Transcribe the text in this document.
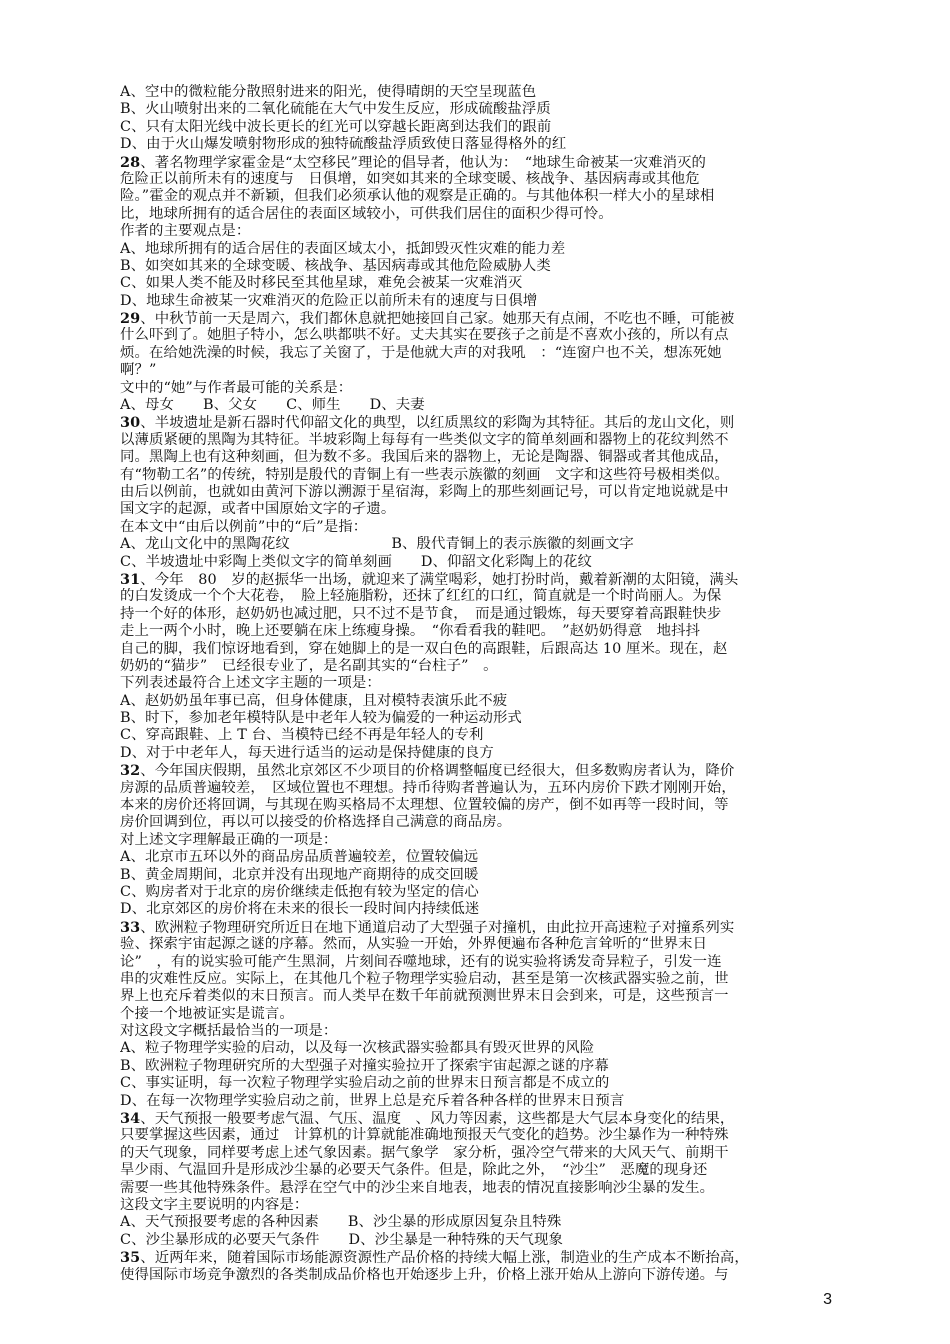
A、空中的微粒能分散照射进来的阳光，使得晴朗的天空呈现蓝色
B、火山喷射出来的二氧化硫能在大气中发生反应，形成硫酸盐浮质
C、只有太阳光线中波长更长的红光可以穿越长距离到达我们的跟前
D、由于火山爆发喷射物形成的独特硫酸盐浮质致使日落显得格外的红
28、著名物理学家霍金是“太空移民”理论的倡导者，他认为：　“地球生命被某一灾难消灭的
危险正以前所未有的速度与　日俱增，如突如其来的全球变暖、核战争、基因病毒或其他危
险。”霍金的观点并不新颖，但我们必须承认他的观察是正确的。与其他体积一样大小的星球相
比，地球所拥有的适合居住的表面区域较小，可供我们居住的面积少得可怜。
作者的主要观点是：
A、地球所拥有的适合居住的表面区域太小，抵卸毁灭性灾难的能力差
B、如突如其来的全球变暖、核战争、基因病毒或其他危险威胁人类
C、如果人类不能及时移民至其他星球，难免会被某一灾难消灭
D、地球生命被某一灾难消灭的危险正以前所未有的速度与日俱增
29、中秋节前一天是周六，我们都休息就把她接回自己家。她那天有点闹，不吃也不睡，可能被
什么吓到了。她胆子特小，怎么哄都哄不好。丈夫其实在要孩子之前是不喜欢小孩的，所以有点
烦。在给她洗澡的时候，我忘了关窗了，于是他就大声的对我吼　：“连窗户也不关，想冻死她
啊？”
文中的“她”与作者最可能的关系是：
A、母女　　B、父女　　C、师生　　D、夫妻
30、半坡遗址是新石器时代仰韶文化的典型，以红质黑纹的彩陶为其特征。其后的龙山文化，则
以薄质紧硬的黑陶为其特征。半坡彩陶上每每有一些类似文字的简单刻画和器物上的花纹判然不
同。黑陶上也有这种刻画，但为数不多。我国后来的器物上，无论是陶器、铜器或者其他成品，
有“物勒工名”的传统，特别是殷代的青铜上有一些表示族徽的刻画　文字和这些符号极相类似。
由后以例前，也就如由黄河下游以溯源于星宿海，彩陶上的那些刻画记号，可以肯定地说就是中
国文字的起源，或者中国原始文字的孑遗。
在本文中“由后以例前”中的“后”是指：
A、龙山文化中的黑陶花纹　　　　　　　B、殷代青铜上的表示族徽的刻画文字
C、半坡遗址中彩陶上类似文字的简单刻画　　D、仰韶文化彩陶上的花纹
31、今年　80　岁的赵振华一出场，就迎来了满堂喝彩，她打扮时尚，戴着新潮的太阳镜，满头
的白发烫成一个个大花卷，　脸上轻施脂粉，还抹了红红的口红，简直就是一个时尚丽人。为保
持一个好的体形，赵奶奶也减过肥，只不过不是节食，　而是通过锻炼，每天要穿着高跟鞋快步
走上一两个小时，晚上还要躺在床上练瘦身操。　“你看看我的鞋吧。　”赵奶奶得意　地抖抖
自己的脚，我们惊讶地看到，穿在她脚上的是一双白色的高跟鞋，后跟高达 10 厘米。现在，赵
奶奶的“猫步”　已经很专业了，是名副其实的“台柱子”　。
下列表述最符合上述文字主题的一项是：
A、赵奶奶虽年事已高，但身体健康，且对模特表演乐此不疲
B、时下，参加老年模特队是中老年人较为偏爱的一种运动形式
C、穿高跟鞋、上 T 台、当模特已经不再是年轻人的专利
D、对于中老年人，每天进行适当的运动是保持健康的良方
32、今年国庆假期，虽然北京郊区不少项目的价格调整幅度已经很大，但多数购房者认为，降价
房源的品质普遍较差，　区域位置也不理想。持币待购者普遍认为，五环内房价下跌才刚刚开始，
本来的房价还将回调，与其现在购买格局不太理想、位置较偏的房产，倒不如再等一段时间，等
房价回调到位，再以可以接受的价格选择自己满意的商品房。
对上述文字理解最正确的一项是：
A、北京市五环以外的商品房品质普遍较差，位置较偏远
B、黄金周期间，北京并没有出现地产商期待的成交回暖
C、购房者对于北京的房价继续走低抱有较为坚定的信心
D、北京郊区的房价将在未来的很长一段时间内持续低迷
33、欧洲粒子物理研究所近日在地下通道启动了大型强子对撞机，由此拉开高速粒子对撞系列实
验、探索宇宙起源之谜的序幕。然而，从实验一开始，外界便遍布各种危言耸听的“世界末日
论”　，有的说实验可能产生黑洞，片刻间吞噬地球，还有的说实验将诱发奇异粒子，引发一连
串的灾难性反应。实际上，在其他几个粒子物理学实验启动，甚至是第一次核武器实验之前，世
界上也充斥着类似的末日预言。而人类早在数千年前就预测世界末日会到来，可是，这些预言一
个接一个地被证实是谎言。
对这段文字概括最恰当的一项是：
A、粒子物理学实验的启动，以及每一次核武器实验都具有毁灭世界的风险
B、欧洲粒子物理研究所的大型强子对撞实验拉开了探索宇宙起源之谜的序幕
C、事实证明，每一次粒子物理学实验启动之前的世界末日预言都是不成立的
D、在每一次物理学实验启动之前，世界上总是充斥着各种各样的世界末日预言
34、天气预报一般要考虑气温、气压、温度　、风力等因素，这些都是大气层本身变化的结果，
只要掌握这些因素，通过　计算机的计算就能准确地预报天气变化的趋势。沙尘暴作为一种特殊
的天气现象，同样要考虑上述气象因素。据气象学　家分析，强冷空气带来的大风天气、前期干
旱少雨、气温回升是形成沙尘暴的必要天气条件。但是，除此之外，　“沙尘”　恶魔的现身还
需要一些其他特殊条件。悬浮在空气中的沙尘来自地表，地表的情况直接影响沙尘暴的发生。
这段文字主要说明的内容是：
A、天气预报要考虑的各种因素　　B、沙尘暴的形成原因复杂且特殊
C、沙尘暴形成的必要天气条件　　D、沙尘暴是一种特殊的天气现象
35、近两年来，随着国际市场能源资源性产品价格的持续大幅上涨，制造业的生产成本不断抬高，
使得国际市场竞争激烈的各类制成品价格也开始逐步上升，价格上涨开始从上游向下游传递。与
3
